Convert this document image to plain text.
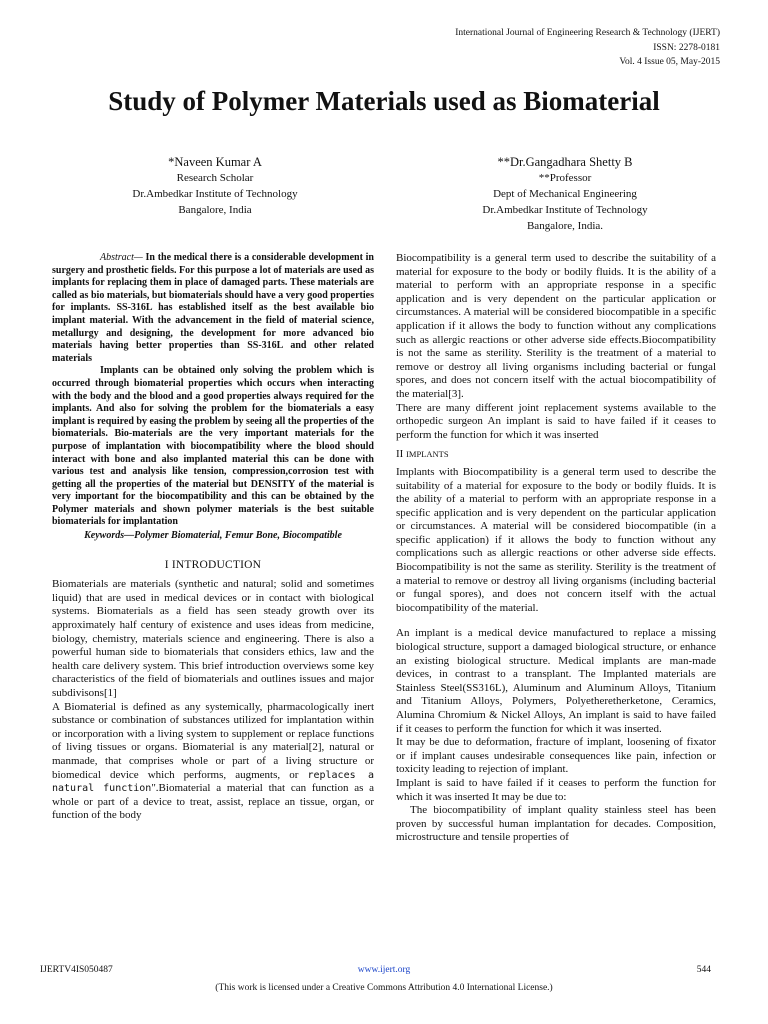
International Journal of Engineering Research & Technology (IJERT)
ISSN: 2278-0181
Vol. 4 Issue 05, May-2015
Study of Polymer Materials used as Biomaterial
*Naveen Kumar A
Research Scholar
Dr.Ambedkar Institute of Technology
Bangalore, India
**Dr.Gangadhara Shetty B
**Professor
Dept of Mechanical Engineering
Dr.Ambedkar Institute of Technology
Bangalore, India.

Abstract— In the medical there is a considerable development in surgery and prosthetic fields. For this purpose a lot of materials are used as implants for replacing them in place of damaged parts. These materials are called as bio materials, but biomaterials should have a very good properties for implants. SS-316L has established itself as the best available bio implant material. With the advancement in the field of material science, metallurgy and designing, the development for more advanced bio materials having better properties than SS-316L and other related materials

Implants can be obtained only solving the problem which is occurred through biomaterial properties which occurs when interacting with the body and the blood and a good properties always required for the implants. And also for solving the problem for the biomaterials a easy implant is required by easing the problem by seeing all the properties of the biomaterials. Bio-materials are the very important materials for the purpose of implantation with biocompatibility where the blood should interact with bone and also implanted material this can be done with various test and analysis like tension, compression,corrosion test with getting all the properties of the material but DENSITY of the material is very important for the biocompatibility and this can be obtained by the Polymer materials and shown polymer materials is the best suitable biomaterials for implantation

Keywords—Polymer Biomaterial, Femur Bone, Biocompatible

I INTRODUCTION

Biomaterials are materials (synthetic and natural; solid and sometimes liquid) that are used in medical devices or in contact with biological systems. Biomaterials as a field has seen steady growth over its approximately half century of existence and uses ideas from medicine, biology, chemistry, materials science and engineering. There is also a powerful human side to biomaterials that considers ethics, law and the health care delivery system. This brief introduction overviews some key characteristics of the field of biomaterials and outlines issues and major subdivisons[1]

A Biomaterial is defined as any systemically, pharmacologically inert substance or combination of substances utilized for implantation within or incorporation with a living system to supplement or replace functions of living tissues or organs. Biomaterial is any material[2], natural or manmade, that comprises whole or part of a living structure or biomedical device which performs, augments, or replaces a natural function".Biomaterial a material that can function as a whole or part of a device to treat, assist, replace an tissue, organ, or function of the body

Biocompatibility is a general term used to describe the suitability of a material for exposure to the body or bodily fluids. It is the ability of a material to perform with an appropriate response in a specific application and is very dependent on the particular application or circumstances. A material will be considered biocompatible in a specific application if it allows the body to function without any complications such as allergic reactions or other adverse side effects.Biocompatibility is not the same as sterility. Sterility is the treatment of a material to remove or destroy all living organisms including bacterial or fungal spores, and does not concern itself with the actual biocompatibility of the material[3].

There are many different joint replacement systems available to the orthopedic surgeon An implant is said to have failed if it ceases to perform the function for which it was inserted

II IMPLANTS

Implants with Biocompatibility is a general term used to describe the suitability of a material for exposure to the body or bodily fluids. It is the ability of a material to perform with an appropriate response in a specific application and is very dependent on the particular application or circumstances. A material will be considered biocompatible (in a specific application) if it allows the body to function without any complications such as allergic reactions or other adverse side effects. Biocompatibility is not the same as sterility. Sterility is the treatment of a material to remove or destroy all living organisms (including bacterial or fungal spores), and does not concern itself with the actual biocompatibility of the material.

An implant is a medical device manufactured to replace a missing biological structure, support a damaged biological structure, or enhance an existing biological structure. Medical implants are man-made devices, in contrast to a transplant. The Implanted materials are Stainless Steel(SS316L), Aluminum and Aluminum Alloys, Titanium and Titanium Alloys, Polymers, Polyetheretherketone, Ceramics, Alumina Chromium & Nickel Alloys, An implant is said to have failed if it ceases to perform the function for which it was inserted.

It may be due to deformation, fracture of implant, loosening of fixator or if implant causes undesirable consequences like pain, infection or toxicity leading to rejection of implant.

Implant is said to have failed if it ceases to perform the function for which it was inserted It may be due to:

The biocompatibility of implant quality stainless steel has been proven by successful human implantation for decades. Composition, microstructure and tensile properties of

IJERTV4IS050487	www.ijert.org	544
(This work is licensed under a Creative Commons Attribution 4.0 International License.)
